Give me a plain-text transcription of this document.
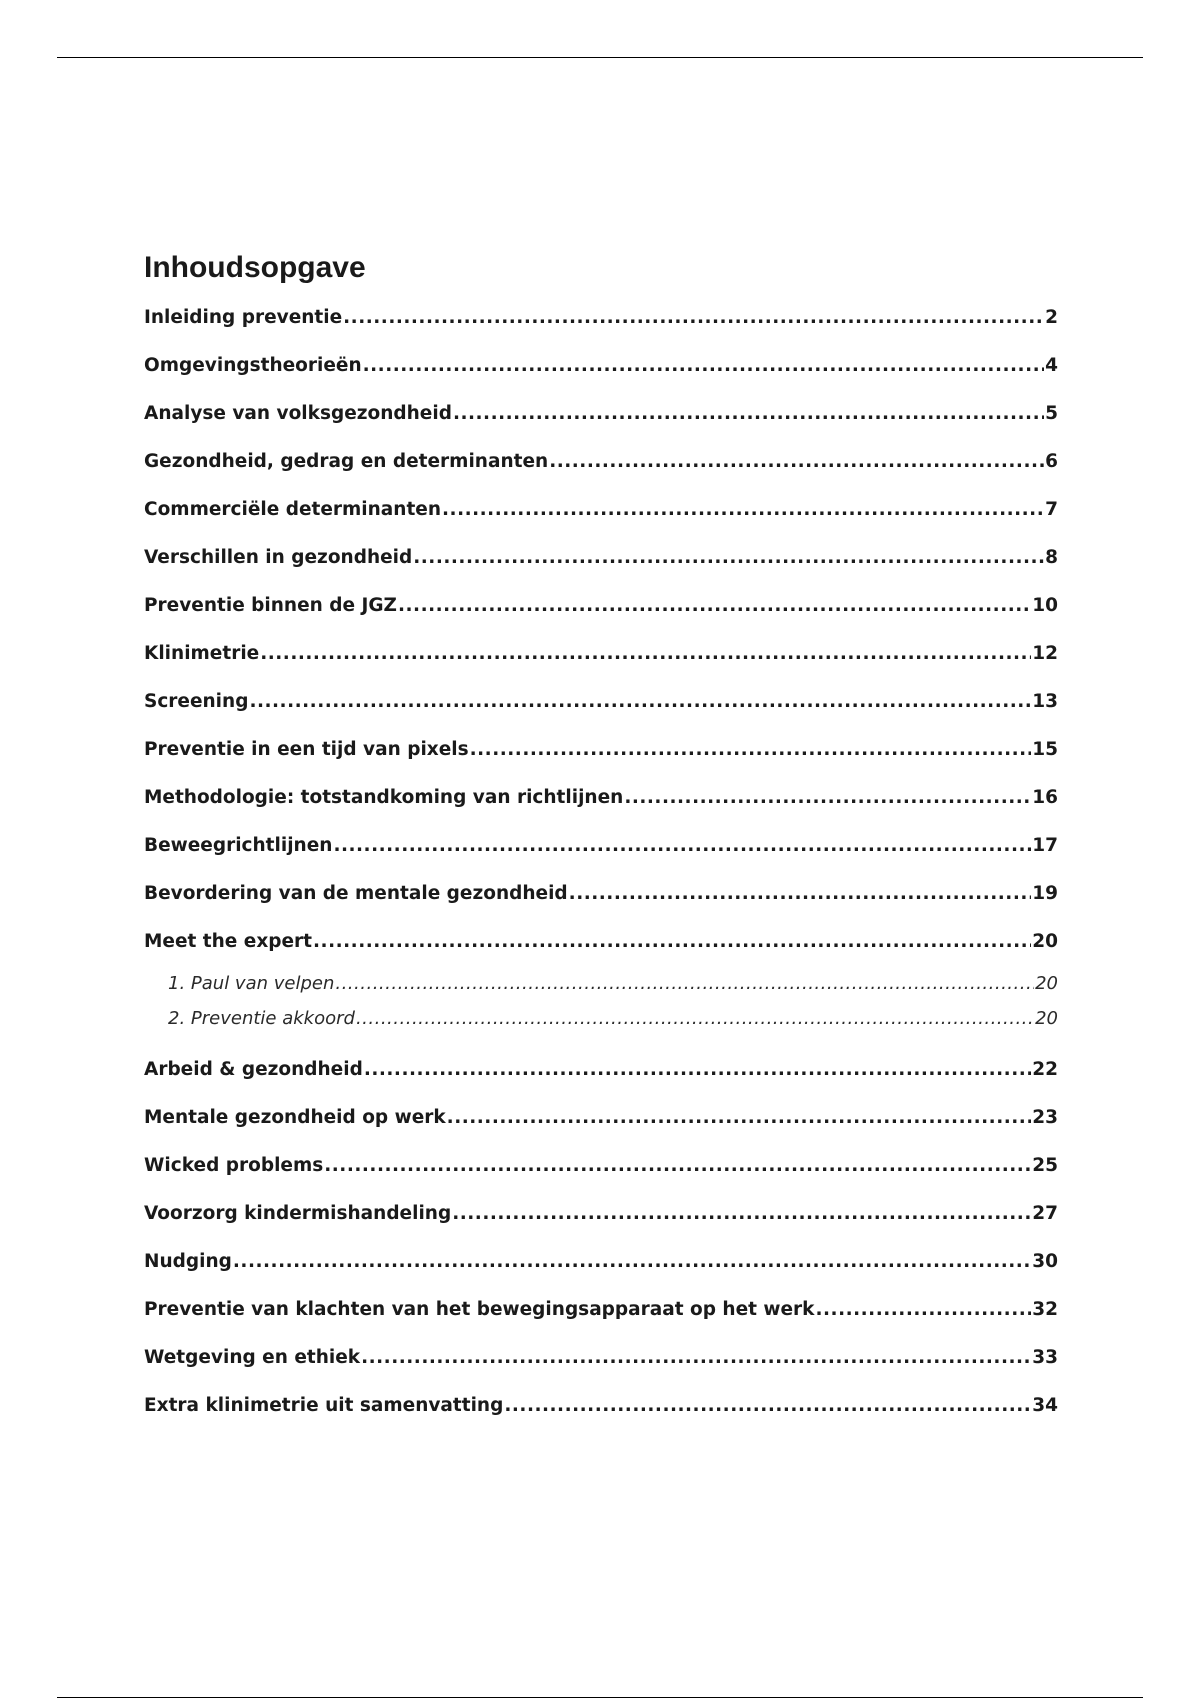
Inhoudsopgave
Inleiding preventie .....	2
Omgevingstheorieën .....	4
Analyse van volksgezondheid .....	5
Gezondheid, gedrag en determinanten .....	6
Commerciële determinanten .....	7
Verschillen in gezondheid .....	8
Preventie binnen de JGZ .....	10
Klinimetrie .....	12
Screening .....	13
Preventie in een tijd van pixels .....	15
Methodologie: totstandkoming van richtlijnen .....	16
Beweegrichtlijnen .....	17
Bevordering van de mentale gezondheid .....	19
Meet the expert .....	20
1. Paul van velpen .....	20
2. Preventie akkoord .....	20
Arbeid & gezondheid .....	22
Mentale gezondheid op werk .....	23
Wicked problems .....	25
Voorzorg kindermishandeling .....	27
Nudging .....	30
Preventie van klachten van het bewegingsapparaat op het werk .....	32
Wetgeving en ethiek .....	33
Extra klinimetrie uit samenvatting .....	34
